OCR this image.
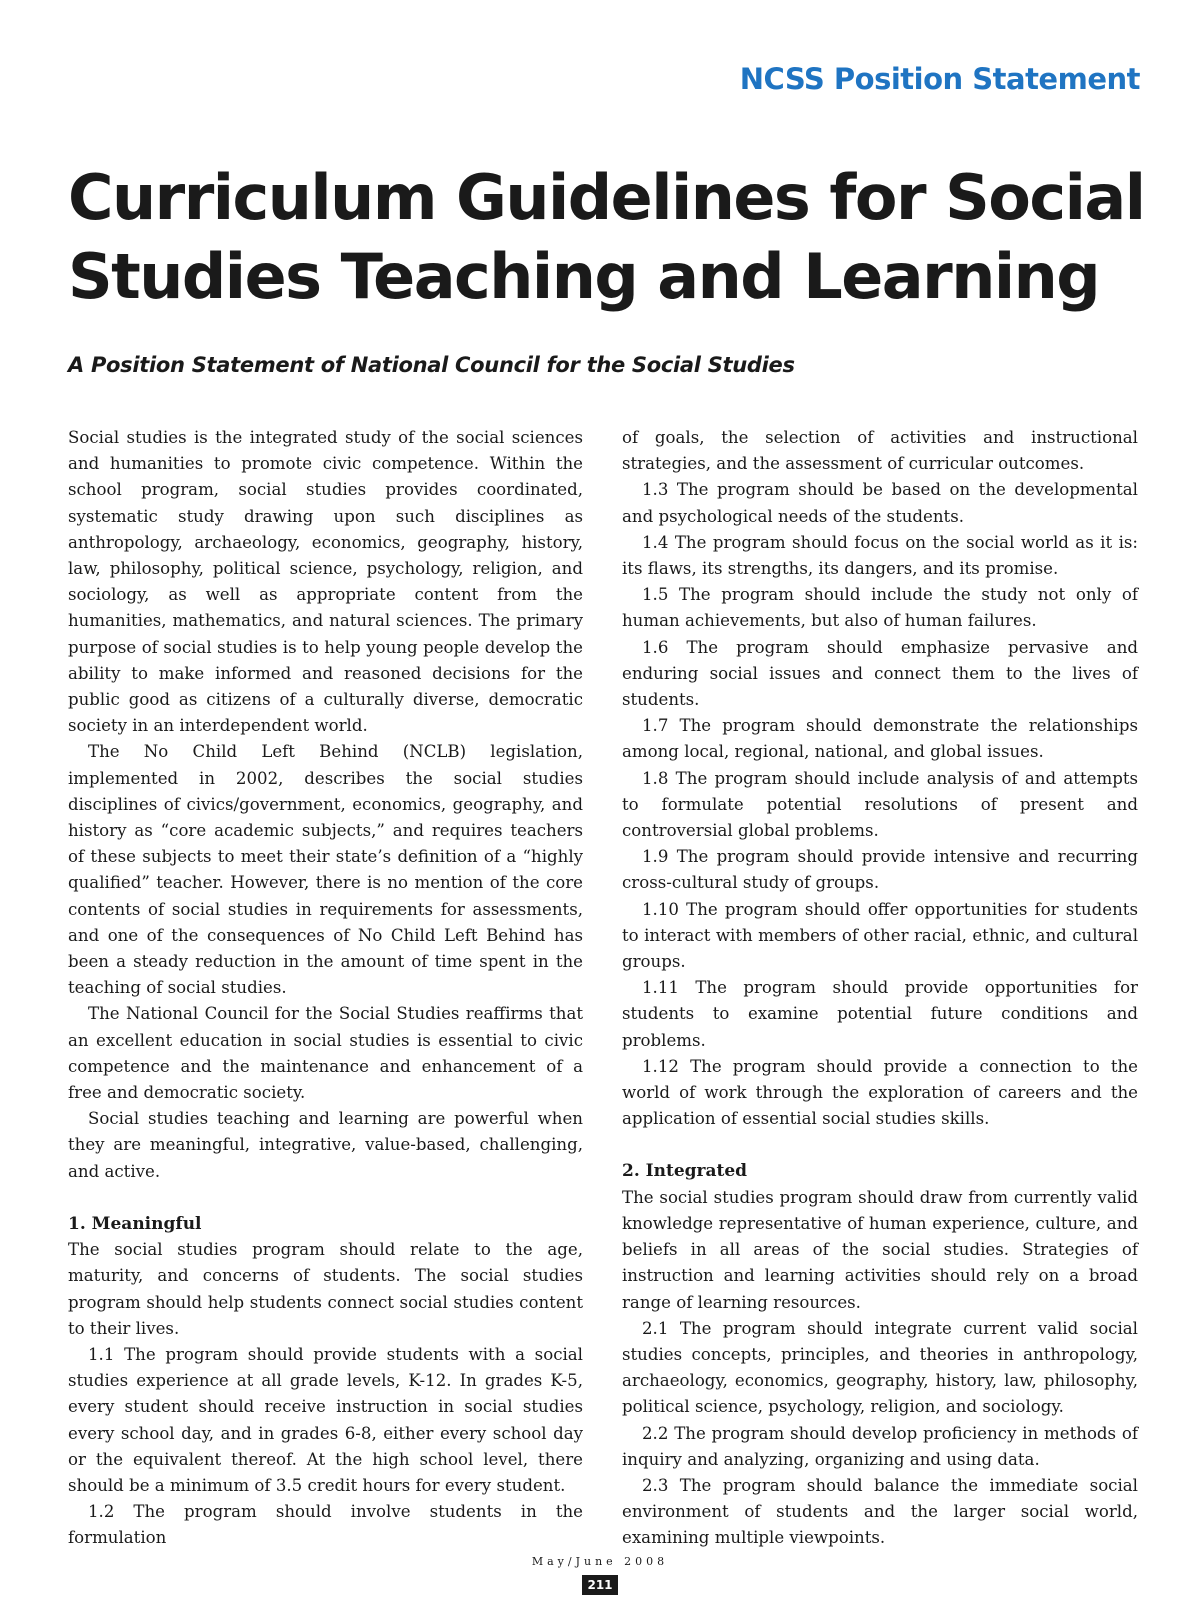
NCSS Position Statement
Curriculum Guidelines for Social Studies Teaching and Learning
A Position Statement of National Council for the Social Studies

Social studies is the integrated study of the social sciences and humanities to promote civic competence. Within the school program, social studies provides coordinated, systematic study drawing upon such disciplines as anthropology, archaeology, economics, geography, history, law, philosophy, political science, psychology, religion, and sociology, as well as appropriate content from the humanities, mathematics, and natural sciences. The primary purpose of social studies is to help young people develop the ability to make informed and reasoned decisions for the public good as citizens of a culturally diverse, democratic society in an interdependent world.

The No Child Left Behind (NCLB) legislation, implemented in 2002, describes the social studies disciplines of civics/government, economics, geography, and history as “core academic subjects,” and requires teachers of these subjects to meet their state’s definition of a “highly qualified” teacher. However, there is no mention of the core contents of social studies in requirements for assessments, and one of the consequences of No Child Left Behind has been a steady reduction in the amount of time spent in the teaching of social studies.

The National Council for the Social Studies reaffirms that an excellent education in social studies is essential to civic competence and the maintenance and enhancement of a free and democratic society.

Social studies teaching and learning are powerful when they are meaningful, integrative, value-based, challenging, and active.

1. Meaningful

The social studies program should relate to the age, maturity, and concerns of students. The social studies program should help students connect social studies content to their lives.

1.1 The program should provide students with a social studies experience at all grade levels, K-12. In grades K-5, every student should receive instruction in social studies every school day, and in grades 6-8, either every school day or the equivalent thereof. At the high school level, there should be a minimum of 3.5 credit hours for every student.

1.2 The program should involve students in the formulation

of goals, the selection of activities and instructional strategies, and the assessment of curricular outcomes.

1.3 The program should be based on the developmental and psychological needs of the students.

1.4 The program should focus on the social world as it is: its flaws, its strengths, its dangers, and its promise.

1.5 The program should include the study not only of human achievements, but also of human failures.

1.6 The program should emphasize pervasive and enduring social issues and connect them to the lives of students.

1.7 The program should demonstrate the relationships among local, regional, national, and global issues.

1.8 The program should include analysis of and attempts to formulate potential resolutions of present and controversial global problems.

1.9 The program should provide intensive and recurring cross-cultural study of groups.

1.10 The program should offer opportunities for students to interact with members of other racial, ethnic, and cultural groups.

1.11 The program should provide opportunities for students to examine potential future conditions and problems.

1.12 The program should provide a connection to the world of work through the exploration of careers and the application of essential social studies skills.

2. Integrated

The social studies program should draw from currently valid knowledge representative of human experience, culture, and beliefs in all areas of the social studies. Strategies of instruction and learning activities should rely on a broad range of learning resources.

2.1 The program should integrate current valid social studies concepts, principles, and theories in anthropology, archaeology, economics, geography, history, law, philosophy, political science, psychology, religion, and sociology.

2.2 The program should develop proficiency in methods of inquiry and analyzing, organizing and using data.

2.3 The program should balance the immediate social environment of students and the larger social world, examining multiple viewpoints.

May/June 2008

211
